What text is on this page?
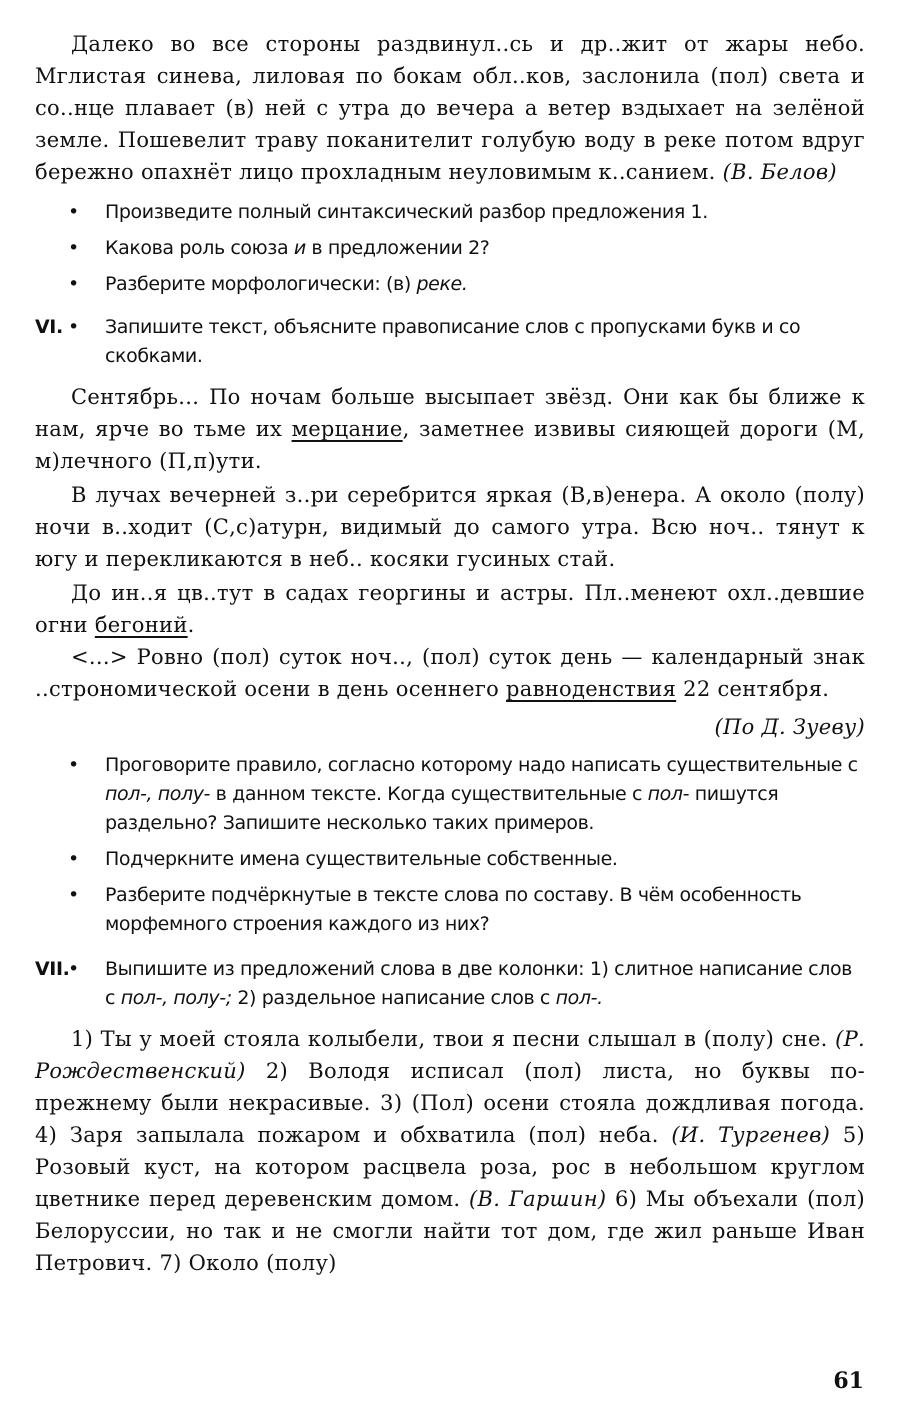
Далеко во все стороны раздвинул..сь и др..жит от жары небо. Мглистая синева, лиловая по бокам обл..ков, заслонила (пол) света и со..нце плавает (в) ней с утра до вечера а ветер вздыхает на зелёной земле. Пошевелит траву поканителит голубую воду в реке потом вдруг бережно опахнёт лицо прохладным неуловимым к..санием. (В. Белов)

• Произведите полный синтаксический разбор предложения 1.
• Какова роль союза и в предложении 2?
• Разберите морфологически: (в) реке.
VI. • Запишите текст, объясните правописание слов с пропусками букв и со скобками.

Сентябрь... По ночам больше высыпает звёзд. Они как бы ближе к нам, ярче во тьме их мерцание, заметнее извивы сияющей дороги (М, м)лечного (П,п)ути.

В лучах вечерней з..ри серебрится яркая (В,в)енера. А около (полу) ночи в..ходит (С,с)атурн, видимый до самого утра. Всю ноч.. тянут к югу и перекликаются в неб.. косяки гусиных стай.

До ин..я цв..тут в садах георгины и астры. Пл..менеют охл..девшие огни бегоний.

<...> Ровно (пол) суток ноч.., (пол) суток день — календарный знак ..строномической осени в день осеннего равноденствия 22 сентября.

(По Д. Зуеву)

• Проговорите правило, согласно которому надо написать существительные с пол-, полу- в данном тексте. Когда существительные с пол- пишутся раздельно? Запишите несколько таких примеров.
• Подчеркните имена существительные собственные.
• Разберите подчёркнутые в тексте слова по составу. В чём особенность морфемного строения каждого из них?
VII.
• Выпишите из предложений слова в две колонки: 1) слитное написание слов с пол-, полу-; 2) раздельное написание слов с пол-.

1) Ты у моей стояла колыбели, твои я песни слышал в (полу) сне. (Р. Рождественский) 2) Володя исписал (пол) листа, но буквы по-прежнему были некрасивые. 3) (Пол) осени стояла дождливая погода. 4) Заря запылала пожаром и обхватила (пол) неба. (И. Тургенев) 5) Розовый куст, на котором расцвела роза, рос в небольшом круглом цветнике перед деревенским домом. (В. Гаршин) 6) Мы объехали (пол) Белоруссии, но так и не смогли найти тот дом, где жил раньше Иван Петрович. 7) Около (полу)

61
